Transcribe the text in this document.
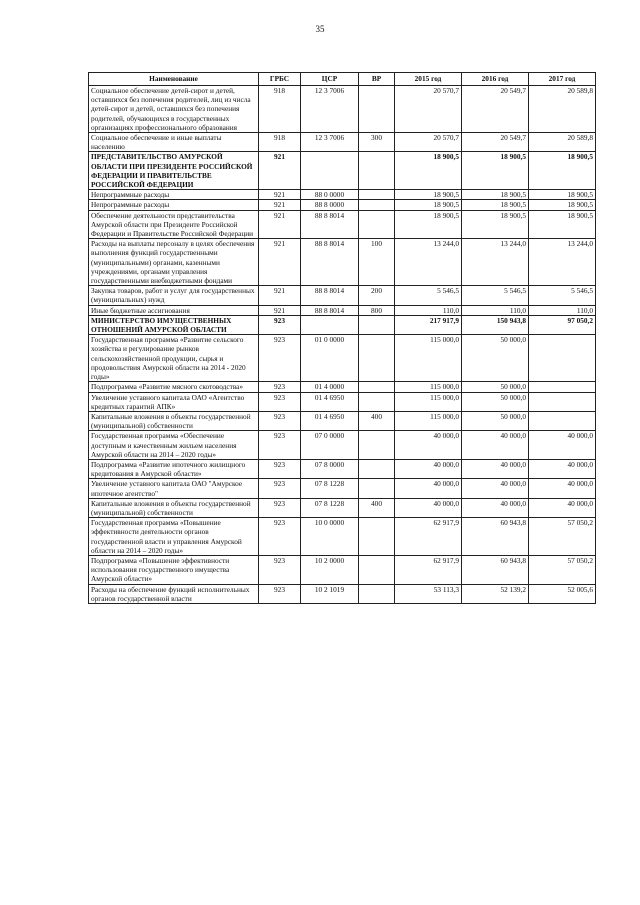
35
Наименование	ГРБС	ЦСР	ВР	2015 год	2016 год	2017 год
Социальное обеспечение детей-сирот и детей, оставшихся без попечения родителей, лиц из числа детей-сирот и детей, оставшихся без попечения родителей, обучающихся в государственных организациях профессионального образования	918	12 3 7006		20 570,7	20 549,7	20 589,8
Социальное обеспечение и иные выплаты населению	918	12 3 7006	300	20 570,7	20 549,7	20 589,8
ПРЕДСТАВИТЕЛЬСТВО АМУРСКОЙ ОБЛАСТИ ПРИ ПРЕЗИДЕНТЕ РОССИЙСКОЙ ФЕДЕРАЦИИ И ПРАВИТЕЛЬСТВЕ РОССИЙСКОЙ ФЕДЕРАЦИИ	921			18 900,5	18 900,5	18 900,5
Непрограммные расходы	921	88 0 0000		18 900,5	18 900,5	18 900,5
Непрограммные расходы	921	88 8 0000		18 900,5	18 900,5	18 900,5
Обеспечение деятельности представительства Амурской области при Президенте Российской Федерации и Правительстве Российской Федерации	921	88 8 8014		18 900,5	18 900,5	18 900,5
Расходы на выплаты персоналу в целях обеспечения выполнения функций государственными (муниципальными) органами, казенными учреждениями, органами управления государственными внебюджетными фондами	921	88 8 8014	100	13 244,0	13 244,0	13 244,0
Закупка товаров, работ и услуг для государственных (муниципальных) нужд	921	88 8 8014	200	5 546,5	5 546,5	5 546,5
Иные бюджетные ассигнования	921	88 8 8014	800	110,0	110,0	110,0
МИНИСТЕРСТВО ИМУЩЕСТВЕННЫХ ОТНОШЕНИЙ АМУРСКОЙ ОБЛАСТИ	923			217 917,9	150 943,8	97 050,2
Государственная программа «Развитие сельского хозяйства и регулирование рынков сельскохозяйственной продукции, сырья и продовольствия Амурской области на 2014 - 2020 годы»	923	01 0 0000		115 000,0	50 000,0	
Подпрограмма «Развитие мясного скотоводства»	923	01 4 0000		115 000,0	50 000,0	
Увеличение уставного капитала ОАО «Агентство кредитных гарантий АПК»	923	01 4 6950		115 000,0	50 000,0	
Капитальные вложения в объекты государственной (муниципальной) собственности	923	01 4 6950	400	115 000,0	50 000,0	
Государственная программа «Обеспечение доступным и качественным жильем населения Амурской области на 2014 – 2020 годы»	923	07 0 0000		40 000,0	40 000,0	40 000,0
Подпрограмма «Развитие ипотечного жилищного кредитования в Амурской области»	923	07 8 0000		40 000,0	40 000,0	40 000,0
Увеличение уставного капитала ОАО "Амурское ипотечное агентство"	923	07 8 1228		40 000,0	40 000,0	40 000,0
Капитальные вложения в объекты государственной (муниципальной) собственности	923	07 8 1228	400	40 000,0	40 000,0	40 000,0
Государственная программа «Повышение эффективности деятельности органов государственной власти и управления Амурской области на 2014 – 2020 годы»	923	10 0 0000		62 917,9	60 943,8	57 050,2
Подпрограмма «Повышение эффективности использования государственного имущества Амурской области»	923	10 2 0000		62 917,9	60 943,8	57 050,2
Расходы на обеспечение функций исполнительных органов государственной власти	923	10 2 1019		53 113,3	52 139,2	52 005,6
